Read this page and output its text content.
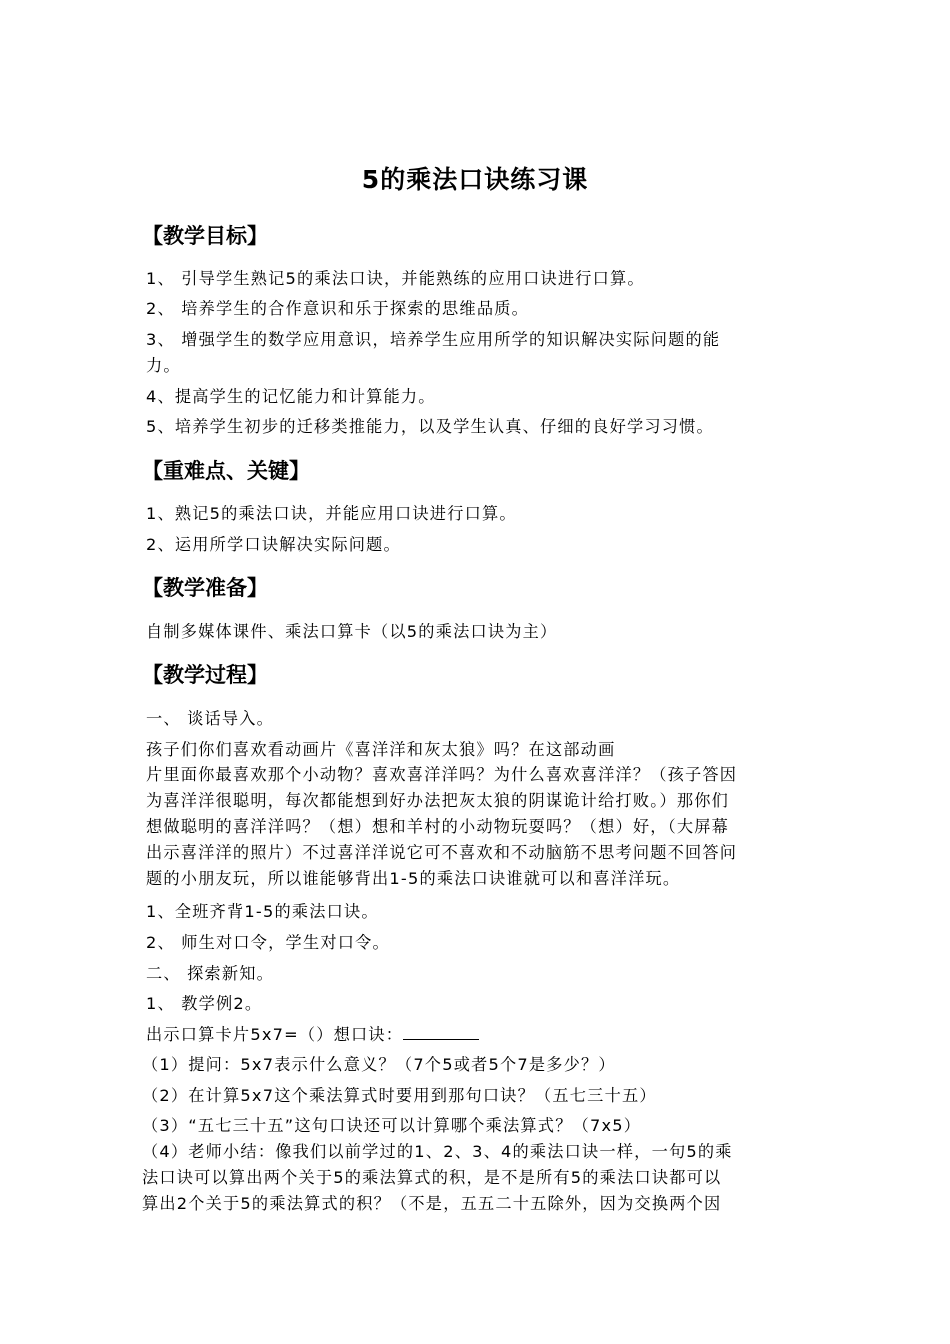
5的乘法口诀练习课
【教学目标】
1、 引导学生熟记5的乘法口诀，并能熟练的应用口诀进行口算。
2、 培养学生的合作意识和乐于探索的思维品质。
3、 增强学生的数学应用意识，培养学生应用所学的知识解决实际问题的能
力。
4、提高学生的记忆能力和计算能力。
5、培养学生初步的迁移类推能力，以及学生认真、仔细的良好学习习惯。
【重难点、关键】
1、熟记5的乘法口诀，并能应用口诀进行口算。
2、运用所学口诀解决实际问题。
【教学准备】
自制多媒体课件、乘法口算卡（以5的乘法口诀为主）
【教学过程】
一、 谈话导入。
孩子们你们喜欢看动画片《喜洋洋和灰太狼》吗？在这部动画
片里面你最喜欢那个小动物？喜欢喜洋洋吗？为什么喜欢喜洋洋？（孩子答因
为喜洋洋很聪明，每次都能想到好办法把灰太狼的阴谋诡计给打败。）那你们
想做聪明的喜洋洋吗？（想）想和羊村的小动物玩耍吗？（想）好，（大屏幕
出示喜洋洋的照片）不过喜洋洋说它可不喜欢和不动脑筋不思考问题不回答问
题的小朋友玩，所以谁能够背出1-5的乘法口诀谁就可以和喜洋洋玩。
1、全班齐背1-5的乘法口诀。
2、 师生对口令，学生对口令。
二、 探索新知。
1、 教学例2。
出示口算卡片5x7=（）想口诀：
（1）提问：5x7表示什么意义？（7个5或者5个7是多少？）
（2）在计算5x7这个乘法算式时要用到那句口诀？（五七三十五）
（3）“五七三十五”这句口诀还可以计算哪个乘法算式？（7x5）
（4）老师小结：像我们以前学过的1、2、3、4的乘法口诀一样，一句5的乘
法口诀可以算出两个关于5的乘法算式的积，是不是所有5的乘法口诀都可以
算出2个关于5的乘法算式的积？（不是，五五二十五除外，因为交换两个因
